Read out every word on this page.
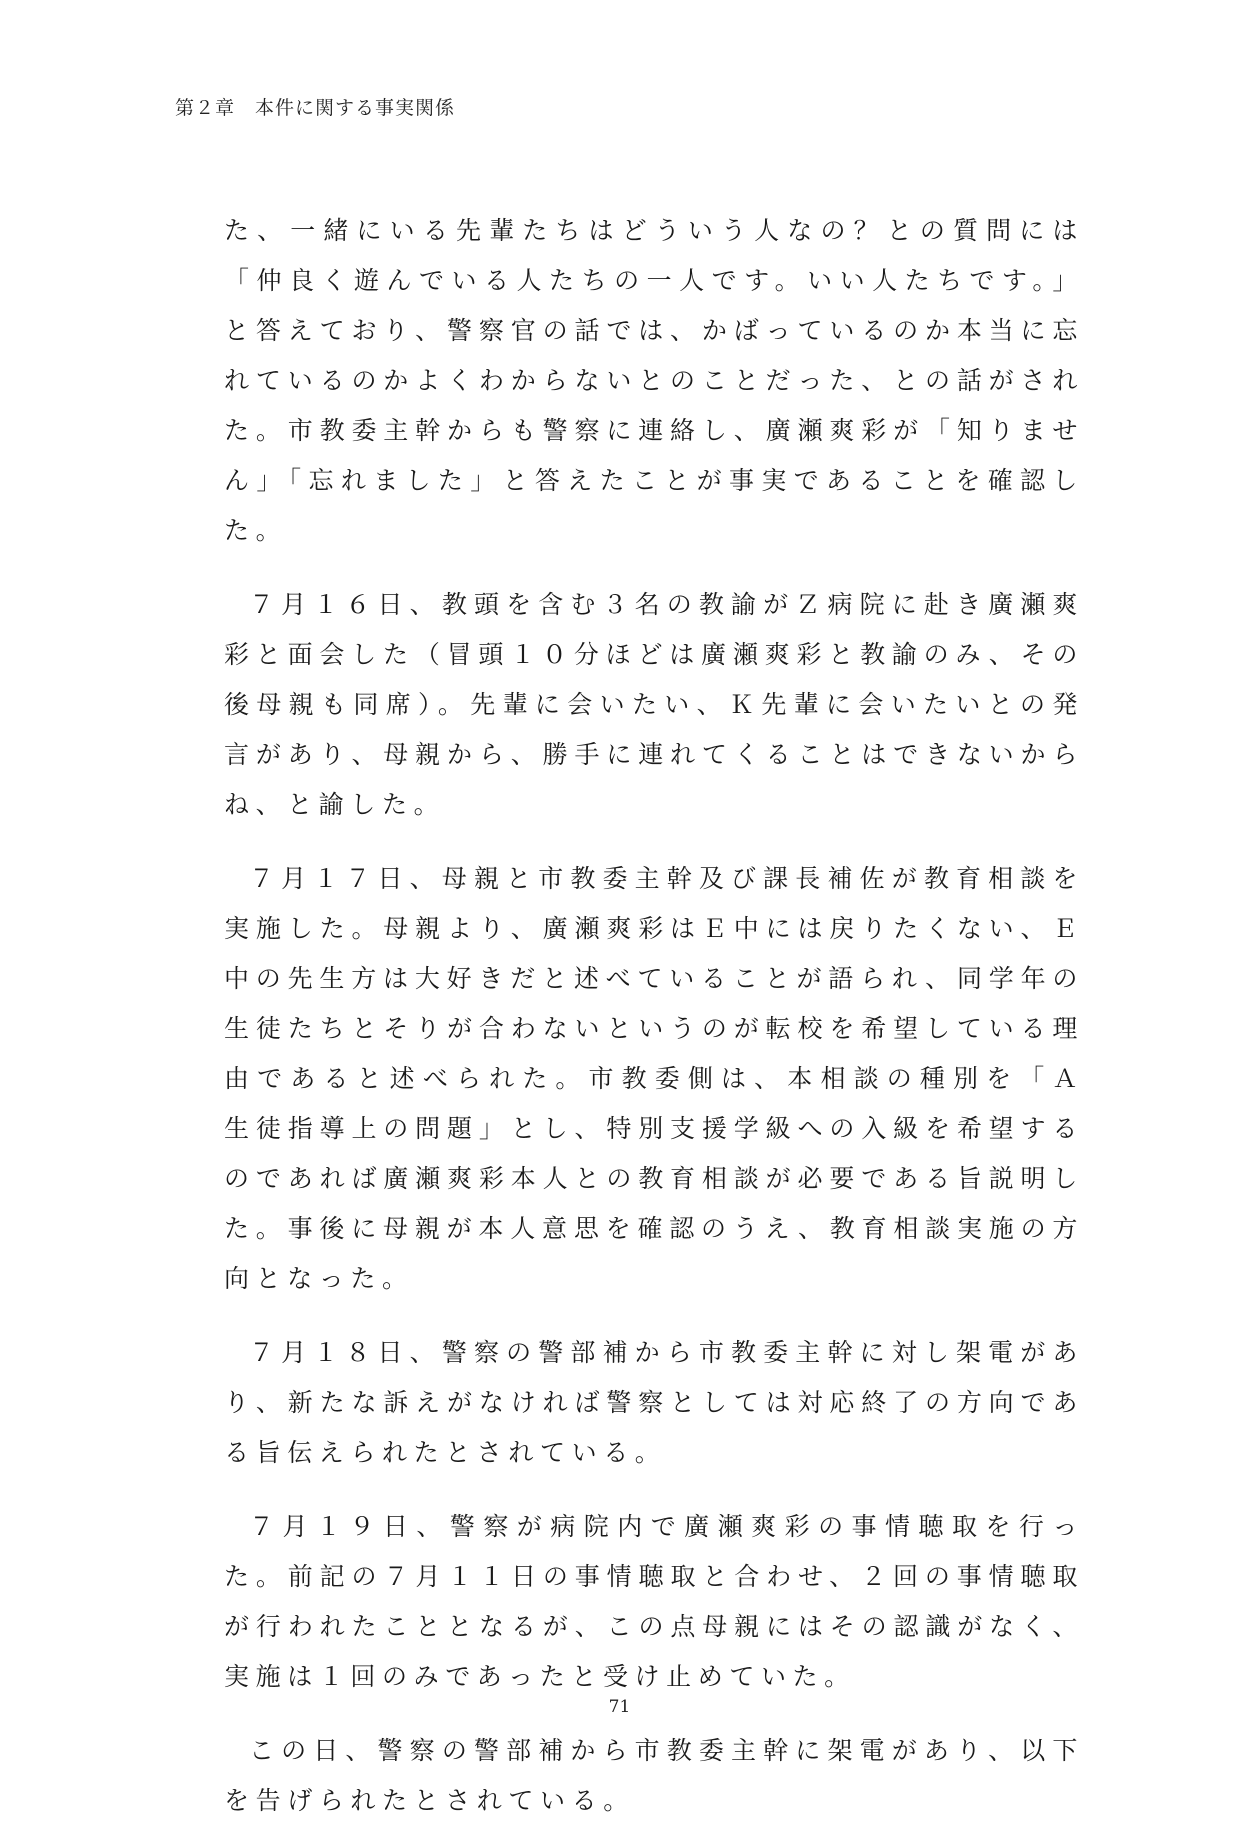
第２章　本件に関する事実関係

た、一緒にいる先輩たちはどういう人なの？との質問には「仲良く遊んでいる人たちの一人です。いい人たちです。」と答えており、警察官の話では、かばっているのか本当に忘れているのかよくわからないとのことだった、との話がされた。市教委主幹からも警察に連絡し、廣瀬爽彩が「知りません」「忘れました」と答えたことが事実であることを確認した。

７月１６日、教頭を含む３名の教諭がＺ病院に赴き廣瀬爽彩と面会した（冒頭１０分ほどは廣瀬爽彩と教諭のみ、その後母親も同席）。先輩に会いたい、Ｋ先輩に会いたいとの発言があり、母親から、勝手に連れてくることはできないからね、と諭した。

７月１７日、母親と市教委主幹及び課長補佐が教育相談を実施した。母親より、廣瀬爽彩はＥ中には戻りたくない、Ｅ中の先生方は大好きだと述べていることが語られ、同学年の生徒たちとそりが合わないというのが転校を希望している理由であると述べられた。市教委側は、本相談の種別を「Ａ　生徒指導上の問題」とし、特別支援学級への入級を希望するのであれば廣瀬爽彩本人との教育相談が必要である旨説明した。事後に母親が本人意思を確認のうえ、教育相談実施の方向となった。

７月１８日、警察の警部補から市教委主幹に対し架電があり、新たな訴えがなければ警察としては対応終了の方向である旨伝えられたとされている。

７月１９日、警察が病院内で廣瀬爽彩の事情聴取を行った。前記の７月１１日の事情聴取と合わせ、２回の事情聴取が行われたこととなるが、この点母親にはその認識がなく、実施は１回のみであったと受け止めていた。

この日、警察の警部補から市教委主幹に架電があり、以下を告げられたとされている。

71
